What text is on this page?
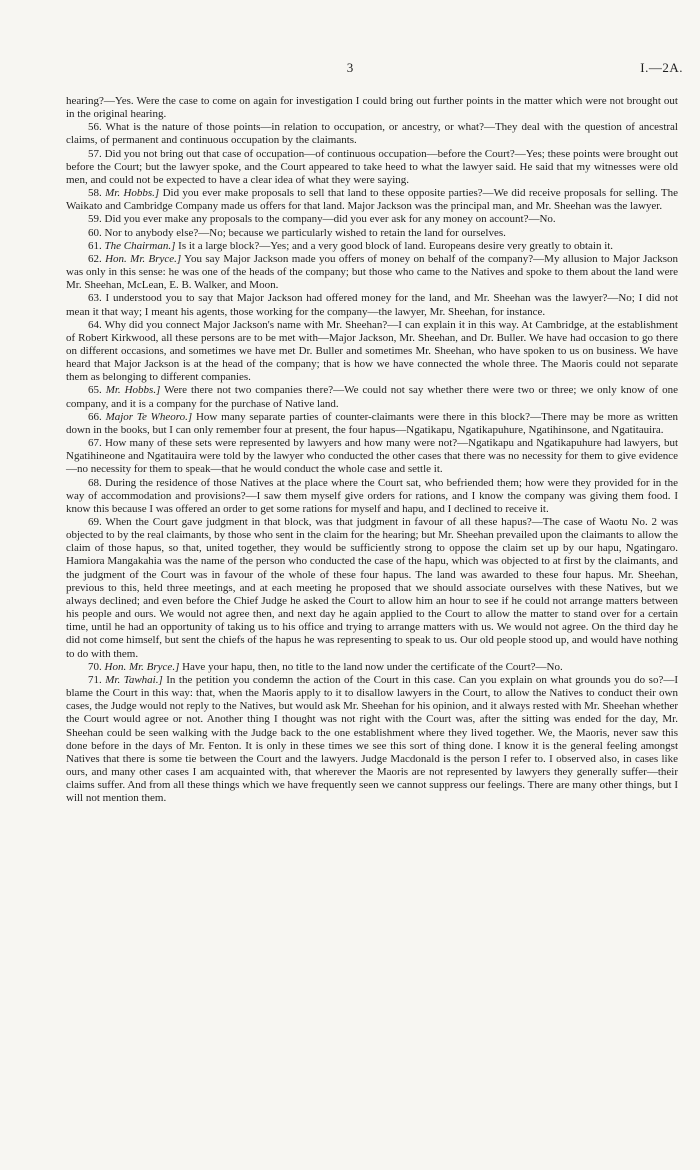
3	I.—2A.

hearing?—Yes. Were the case to come on again for investigation I could bring out further points in the matter which were not brought out in the original hearing.

56. What is the nature of those points—in relation to occupation, or ancestry, or what?—They deal with the question of ancestral claims, of permanent and continuous occupation by the claimants.

57. Did you not bring out that case of occupation—of continuous occupation—before the Court?—Yes; these points were brought out before the Court; but the lawyer spoke, and the Court appeared to take heed to what the lawyer said. He said that my witnesses were old men, and could not be expected to have a clear idea of what they were saying.

58. Mr. Hobbs.] Did you ever make proposals to sell that land to these opposite parties?—We did receive proposals for selling. The Waikato and Cambridge Company made us offers for that land. Major Jackson was the principal man, and Mr. Sheehan was the lawyer.

59. Did you ever make any proposals to the company—did you ever ask for any money on account?—No.

60. Nor to anybody else?—No; because we particularly wished to retain the land for ourselves.

61. The Chairman.] Is it a large block?—Yes; and a very good block of land. Europeans desire very greatly to obtain it.

62. Hon. Mr. Bryce.] You say Major Jackson made you offers of money on behalf of the company?—My allusion to Major Jackson was only in this sense: he was one of the heads of the company; but those who came to the Natives and spoke to them about the land were Mr. Sheehan, McLean, E. B. Walker, and Moon.

63. I understood you to say that Major Jackson had offered money for the land, and Mr. Sheehan was the lawyer?—No; I did not mean it that way; I meant his agents, those working for the company—the lawyer, Mr. Sheehan, for instance.

64. Why did you connect Major Jackson's name with Mr. Sheehan?—I can explain it in this way. At Cambridge, at the establishment of Robert Kirkwood, all these persons are to be met with—Major Jackson, Mr. Sheehan, and Dr. Buller. We have had occasion to go there on different occasions, and sometimes we have met Dr. Buller and sometimes Mr. Sheehan, who have spoken to us on business. We have heard that Major Jackson is at the head of the company; that is how we have connected the whole three. The Maoris could not separate them as belonging to different companies.

65. Mr. Hobbs.] Were there not two companies there?—We could not say whether there were two or three; we only know of one company, and it is a company for the purchase of Native land.

66. Major Te Wheoro.] How many separate parties of counter-claimants were there in this block?—There may be more as written down in the books, but I can only remember four at present, the four hapus—Ngatikapu, Ngatikapuhure, Ngatihinsone, and Ngatitauira.

67. How many of these sets were represented by lawyers and how many were not?—Ngatikapu and Ngatikapuhure had lawyers, but Ngatihineone and Ngatitauira were told by the lawyer who conducted the other cases that there was no necessity for them to give evidence—no necessity for them to speak—that he would conduct the whole case and settle it.

68. During the residence of those Natives at the place where the Court sat, who befriended them; how were they provided for in the way of accommodation and provisions?—I saw them myself give orders for rations, and I know the company was giving them food. I know this because I was offered an order to get some rations for myself and hapu, and I declined to receive it.

69. When the Court gave judgment in that block, was that judgment in favour of all these hapus?—The case of Waotu No. 2 was objected to by the real claimants, by those who sent in the claim for the hearing; but Mr. Sheehan prevailed upon the claimants to allow the claim of those hapus, so that, united together, they would be sufficiently strong to oppose the claim set up by our hapu, Ngatingaro. Hamiora Mangakahia was the name of the person who conducted the case of the hapu, which was objected to at first by the claimants, and the judgment of the Court was in favour of the whole of these four hapus. The land was awarded to these four hapus. Mr. Sheehan, previous to this, held three meetings, and at each meeting he proposed that we should associate ourselves with these Natives, but we always declined; and even before the Chief Judge he asked the Court to allow him an hour to see if he could not arrange matters between his people and ours. We would not agree then, and next day he again applied to the Court to allow the matter to stand over for a certain time, until he had an opportunity of taking us to his office and trying to arrange matters with us. We would not agree. On the third day he did not come himself, but sent the chiefs of the hapus he was representing to speak to us. Our old people stood up, and would have nothing to do with them.

70. Hon. Mr. Bryce.] Have your hapu, then, no title to the land now under the certificate of the Court?—No.

71. Mr. Tawhai.] In the petition you condemn the action of the Court in this case. Can you explain on what grounds you do so?—I blame the Court in this way: that, when the Maoris apply to it to disallow lawyers in the Court, to allow the Natives to conduct their own cases, the Judge would not reply to the Natives, but would ask Mr. Sheehan for his opinion, and it always rested with Mr. Sheehan whether the Court would agree or not. Another thing I thought was not right with the Court was, after the sitting was ended for the day, Mr. Sheehan could be seen walking with the Judge back to the one establishment where they lived together. We, the Maoris, never saw this done before in the days of Mr. Fenton. It is only in these times we see this sort of thing done. I know it is the general feeling amongst Natives that there is some tie between the Court and the lawyers. Judge Macdonald is the person I refer to. I observed also, in cases like ours, and many other cases I am acquainted with, that wherever the Maoris are not represented by lawyers they generally suffer—their claims suffer. And from all these things which we have frequently seen we cannot suppress our feelings. There are many other things, but I will not mention them.
